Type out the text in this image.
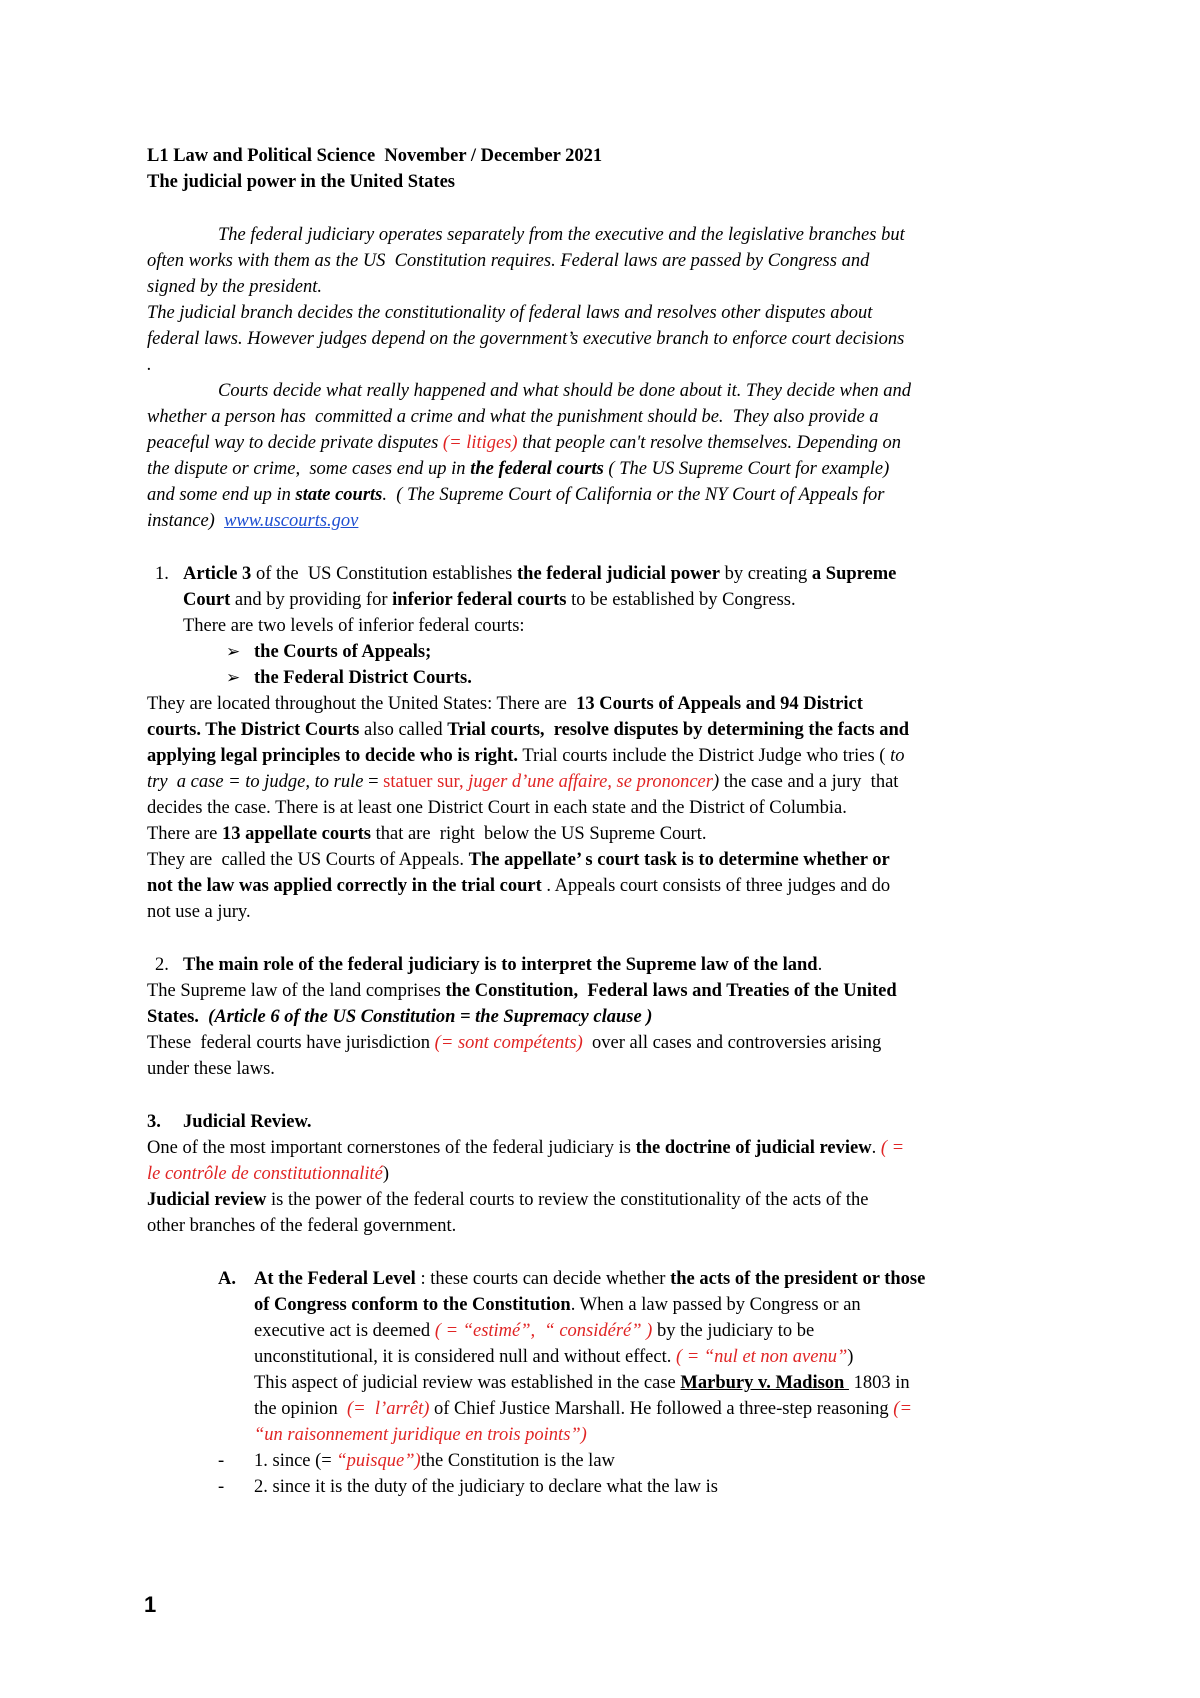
L1 Law and Political Science  November / December 2021
The judicial power in the United States
The federal judiciary operates separately from the executive and the legislative branches but
often works with them as the US  Constitution requires. Federal laws are passed by Congress and
signed by the president.
The judicial branch decides the constitutionality of federal laws and resolves other disputes about
federal laws. However judges depend on the government’s executive branch to enforce court decisions
.
Courts decide what really happened and what should be done about it. They decide when and
whether a person has  committed a crime and what the punishment should be.  They also provide a
peaceful way to decide private disputes (= litiges) that people can't resolve themselves. Depending on
the dispute or crime,  some cases end up in the federal courts ( The US Supreme Court for example)
and some end up in state courts.  ( The Supreme Court of California or the NY Court of Appeals for
instance)  www.uscourts.gov
1. Article 3 of the  US Constitution establishes the federal judicial power by creating a Supreme
Court and by providing for inferior federal courts to be established by Congress.
There are two levels of inferior federal courts:
➢ the Courts of Appeals;
➢ the Federal District Courts.
They are located throughout the United States: There are  13 Courts of Appeals and 94 District
courts. The District Courts also called Trial courts,  resolve disputes by determining the facts and
applying legal principles to decide who is right. Trial courts include the District Judge who tries ( to
try  a case = to judge, to rule = statuer sur, juger d’une affaire, se prononcer) the case and a jury  that
decides the case. There is at least one District Court in each state and the District of Columbia.
There are 13 appellate courts that are  right  below the US Supreme Court.
They are  called the US Courts of Appeals. The appellate’ s court task is to determine whether or
not the law was applied correctly in the trial court . Appeals court consists of three judges and do
not use a jury.
2. The main role of the federal judiciary is to interpret the Supreme law of the land.
The Supreme law of the land comprises the Constitution,  Federal laws and Treaties of the United
States.  (Article 6 of the US Constitution = the Supremacy clause )
These  federal courts have jurisdiction (= sont compétents)  over all cases and controversies arising
under these laws.
3. Judicial Review.
One of the most important cornerstones of the federal judiciary is the doctrine of judicial review. ( =
le contrôle de constitutionnalité)
Judicial review is the power of the federal courts to review the constitutionality of the acts of the
other branches of the federal government.
A. At the Federal Level : these courts can decide whether the acts of the president or those
of Congress conform to the Constitution. When a law passed by Congress or an
executive act is deemed ( = “estimé”,  “ considéré” ) by the judiciary to be
unconstitutional, it is considered null and without effect. ( = “nul et non avenu”)
This aspect of judicial review was established in the case Marbury v. Madison  1803 in
the opinion  (=  l’arrêt) of Chief Justice Marshall. He followed a three-step reasoning (=
“un raisonnement juridique en trois points”)
- 1. since (= “puisque”)the Constitution is the law
- 2. since it is the duty of the judiciary to declare what the law is
1
